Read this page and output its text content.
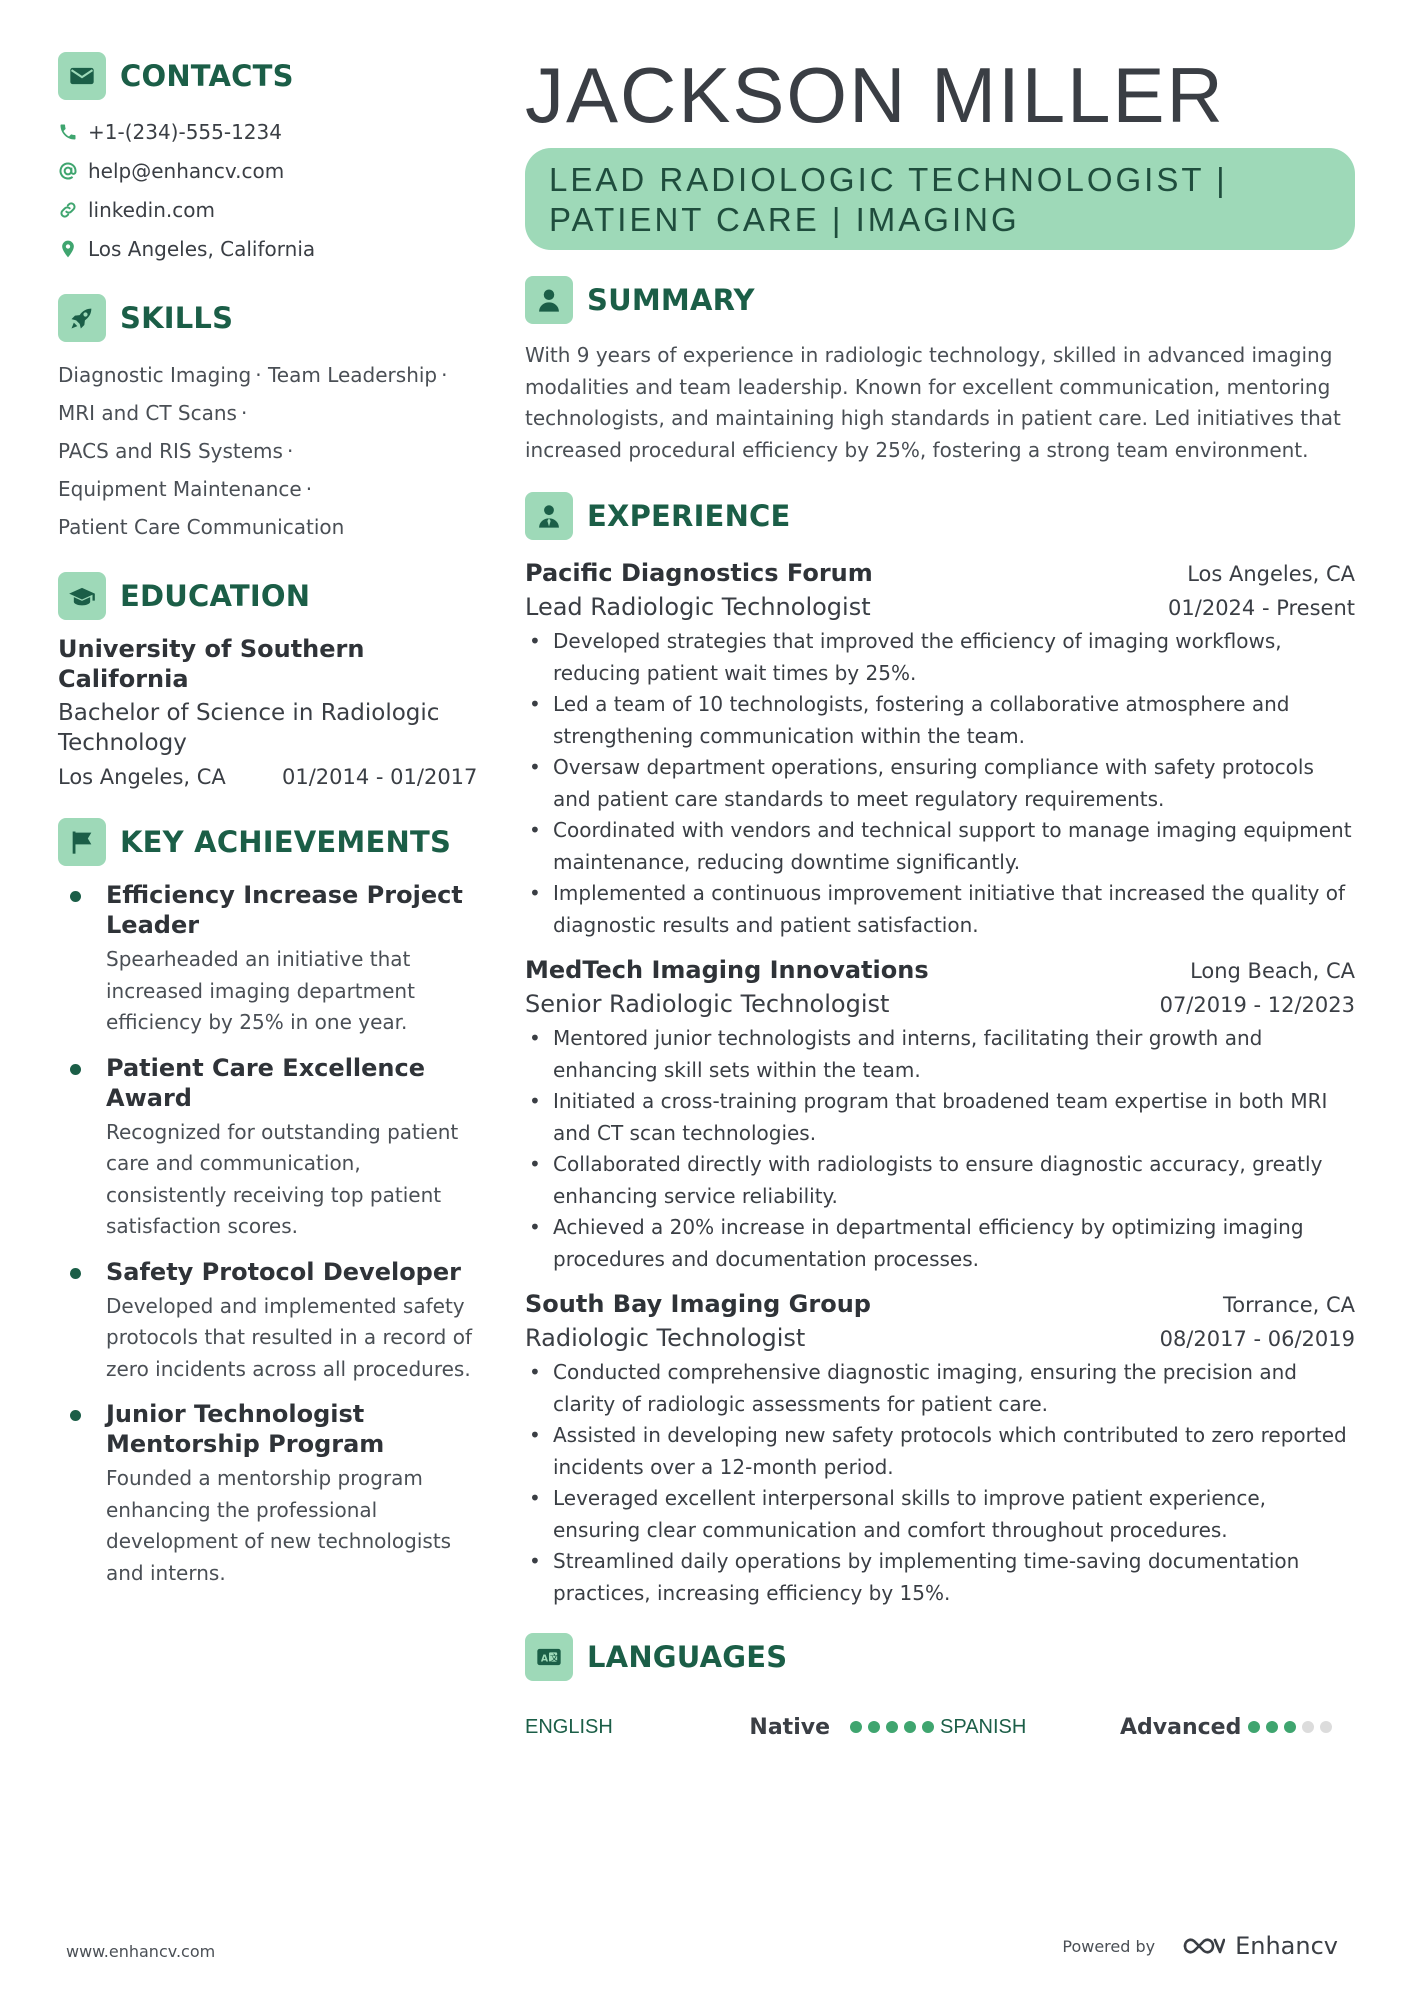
CONTACTS
+1-(234)-555-1234
help@enhancv.com
linkedin.com
Los Angeles, California
SKILLS
Diagnostic Imaging · Team Leadership ·
MRI and CT Scans ·
PACS and RIS Systems ·
Equipment Maintenance ·
Patient Care Communication
EDUCATION
University of Southern California
Bachelor of Science in Radiologic Technology
Los Angeles, CA	01/2014 - 01/2017
KEY ACHIEVEMENTS
Efficiency Increase Project Leader
Spearheaded an initiative that increased imaging department efficiency by 25% in one year.
Patient Care Excellence Award
Recognized for outstanding patient care and communication, consistently receiving top patient satisfaction scores.
Safety Protocol Developer
Developed and implemented safety protocols that resulted in a record of zero incidents across all procedures.
Junior Technologist Mentorship Program
Founded a mentorship program enhancing the professional development of new technologists and interns.
JACKSON MILLER
LEAD RADIOLOGIC TECHNOLOGIST |
PATIENT CARE | IMAGING
SUMMARY
With 9 years of experience in radiologic technology, skilled in advanced imaging modalities and team leadership. Known for excellent communication, mentoring technologists, and maintaining high standards in patient care. Led initiatives that increased procedural efficiency by 25%, fostering a strong team environment.
EXPERIENCE
Pacific Diagnostics Forum	Los Angeles, CA
Lead Radiologic Technologist	01/2024 - Present
• Developed strategies that improved the efficiency of imaging workflows, reducing patient wait times by 25%.
• Led a team of 10 technologists, fostering a collaborative atmosphere and strengthening communication within the team.
• Oversaw department operations, ensuring compliance with safety protocols and patient care standards to meet regulatory requirements.
• Coordinated with vendors and technical support to manage imaging equipment maintenance, reducing downtime significantly.
• Implemented a continuous improvement initiative that increased the quality of diagnostic results and patient satisfaction.
MedTech Imaging Innovations	Long Beach, CA
Senior Radiologic Technologist	07/2019 - 12/2023
• Mentored junior technologists and interns, facilitating their growth and enhancing skill sets within the team.
• Initiated a cross-training program that broadened team expertise in both MRI and CT scan technologies.
• Collaborated directly with radiologists to ensure diagnostic accuracy, greatly enhancing service reliability.
• Achieved a 20% increase in departmental efficiency by optimizing imaging procedures and documentation processes.
South Bay Imaging Group	Torrance, CA
Radiologic Technologist	08/2017 - 06/2019
• Conducted comprehensive diagnostic imaging, ensuring the precision and clarity of radiologic assessments for patient care.
• Assisted in developing new safety protocols which contributed to zero reported incidents over a 12-month period.
• Leveraged excellent interpersonal skills to improve patient experience, ensuring clear communication and comfort throughout procedures.
• Streamlined daily operations by implementing time-saving documentation practices, increasing efficiency by 15%.
A 文 LANGUAGES
ENGLISH	Native	SPANISH	Advanced
www.enhancv.com	Powered by	Enhancv
